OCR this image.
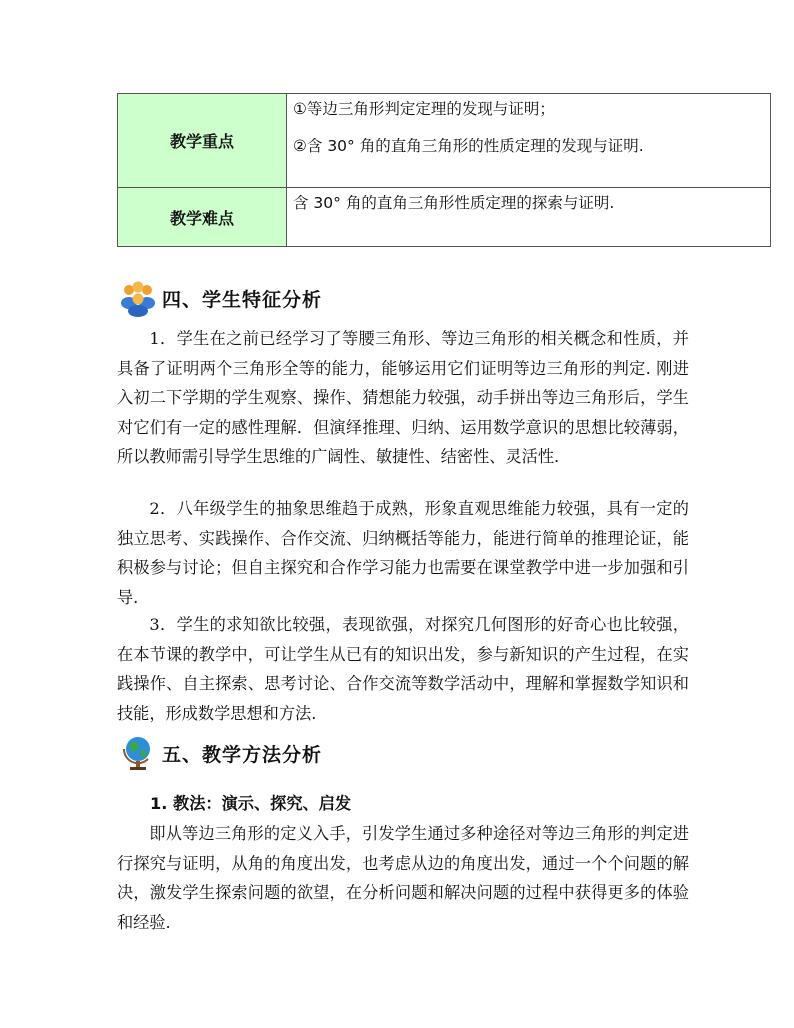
教学重点	①等边三角形判定定理的发现与证明；

②含 30° 角的直角三角形的性质定理的发现与证明.

教学难点	含 30° 角的直角三角形性质定理的探索与证明.

四、学生特征分析

1．学生在之前已经学习了等腰三角形、等边三角形的相关概念和性质，并具备了证明两个三角形全等的能力，能够运用它们证明等边三角形的判定. 刚进入初二下学期的学生观察、操作、猜想能力较强，动手拼出等边三角形后，学生对它们有一定的感性理解．但演绎推理、归纳、运用数学意识的思想比较薄弱，所以教师需引导学生思维的广阔性、敏捷性、结密性、灵活性.

2．八年级学生的抽象思维趋于成熟，形象直观思维能力较强，具有一定的独立思考、实践操作、合作交流、归纳概括等能力，能进行简单的推理论证，能积极参与讨论；但自主探究和合作学习能力也需要在课堂教学中进一步加强和引导.

3．学生的求知欲比较强，表现欲强，对探究几何图形的好奇心也比较强，在本节课的教学中，可让学生从已有的知识出发，参与新知识的产生过程，在实践操作、自主探索、思考讨论、合作交流等数学活动中，理解和掌握数学知识和技能，形成数学思想和方法.

五、教学方法分析

1. 教法：演示、探究、启发

即从等边三角形的定义入手，引发学生通过多种途径对等边三角形的判定进行探究与证明，从角的角度出发，也考虑从边的角度出发，通过一个个问题的解决，激发学生探索问题的欲望，在分析问题和解决问题的过程中获得更多的体验和经验.
